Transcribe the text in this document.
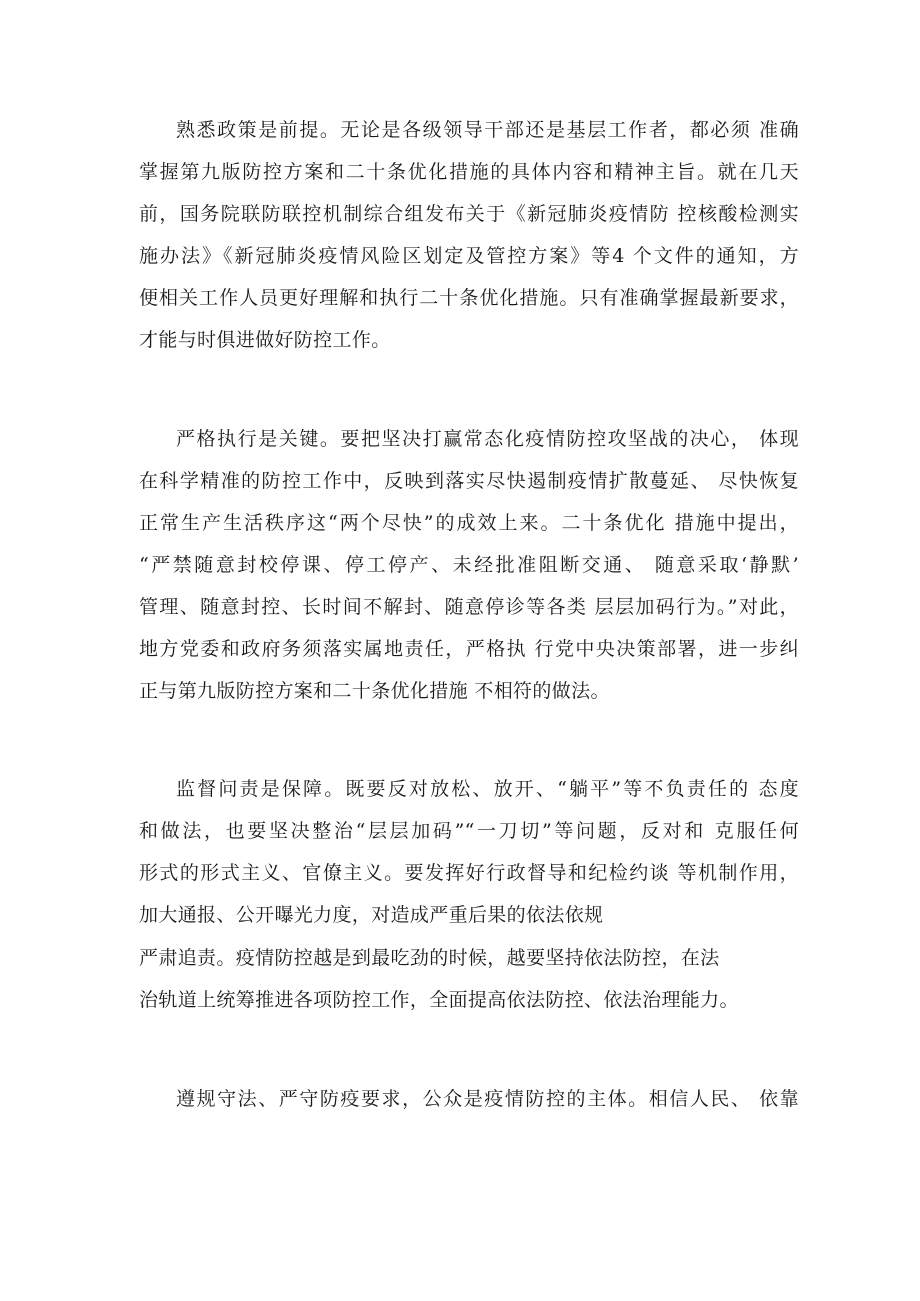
熟悉政策是前提。无论是各级领导干部还是基层工作者，都必须 准确
掌握第九版防控方案和二十条优化措施的具体内容和精神主旨。就在几天
前，国务院联防联控机制综合组发布关于《新冠肺炎疫情防 控核酸检测实
施办法》《新冠肺炎疫情风险区划定及管控方案》等4 个文件的通知，方
便相关工作人员更好理解和执行二十条优化措施。只有准确掌握最新要求，
才能与时俱进做好防控工作。
严格执行是关键。要把坚决打赢常态化疫情防控攻坚战的决心， 体现
在科学精准的防控工作中，反映到落实尽快遏制疫情扩散蔓延、 尽快恢复
正常生产生活秩序这“两个尽快”的成效上来。二十条优化 措施中提出，
“严禁随意封校停课、停工停产、未经批准阻断交通、 随意采取‘静默’
管理、随意封控、长时间不解封、随意停诊等各类 层层加码行为。”对此，
地方党委和政府务须落实属地责任，严格执 行党中央决策部署，进一步纠
正与第九版防控方案和二十条优化措施 不相符的做法。
监督问责是保障。既要反对放松、放开、“躺平”等不负责任的 态度
和做法，也要坚决整治“层层加码”“一刀切”等问题，反对和 克服任何
形式的形式主义、官僚主义。要发挥好行政督导和纪检约谈 等机制作用，
加大通报、公开曝光力度，对造成严重后果的依法依规
严肃追责。疫情防控越是到最吃劲的时候，越要坚持依法防控，在法
治轨道上统筹推进各项防控工作，全面提高依法防控、依法治理能力。
遵规守法、严守防疫要求，公众是疫情防控的主体。相信人民、 依靠
